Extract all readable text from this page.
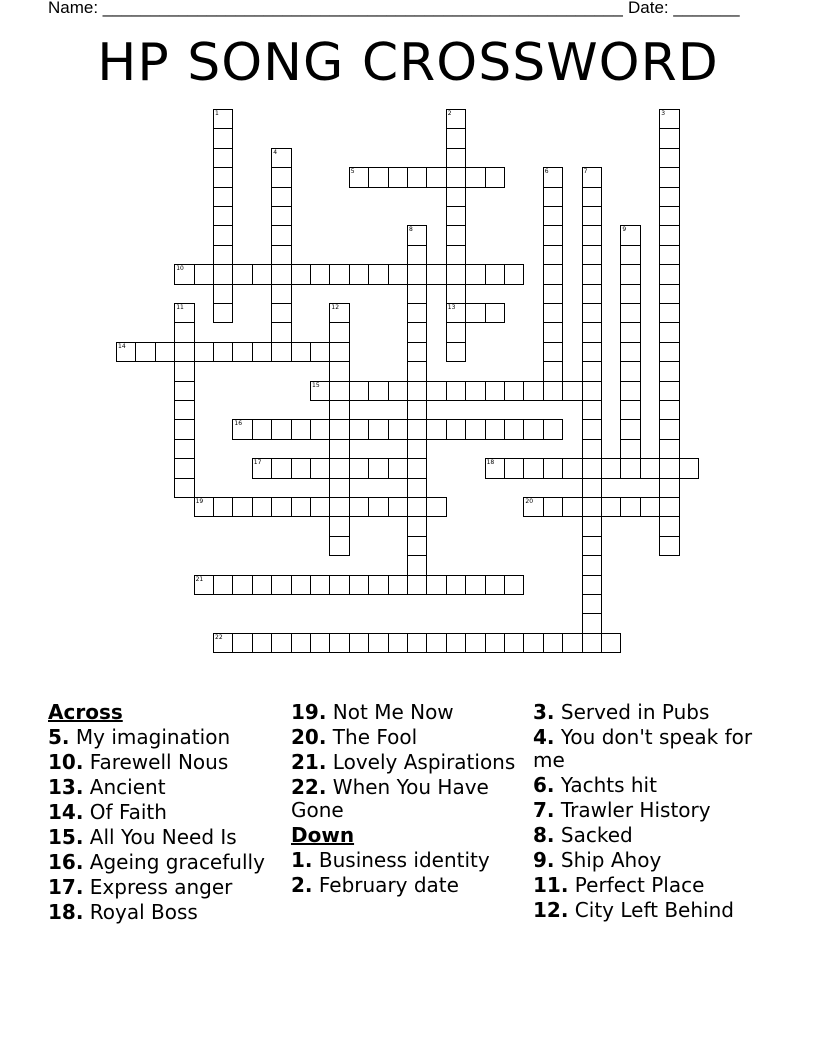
Name: _______________________________________________________ Date: _______
HP SONG CROSSWORD
1	2
13
3
4
5	6	7
8	9
10
11	12
14
15
16
17	18
19	20
21
22
Across
5. My imagination
10. Farewell Nous
13. Ancient
14. Of Faith
15. All You Need Is
16. Ageing gracefully
17. Express anger
18. Royal Boss
19. Not Me Now
20. The Fool
21. Lovely Aspirations
22. When You Have Gone
Down
1. Business identity
2. February date
3. Served in Pubs
4. You don't speak for me
6. Yachts hit
7. Trawler History
8. Sacked
9. Ship Ahoy
11. Perfect Place
12. City Left Behind
